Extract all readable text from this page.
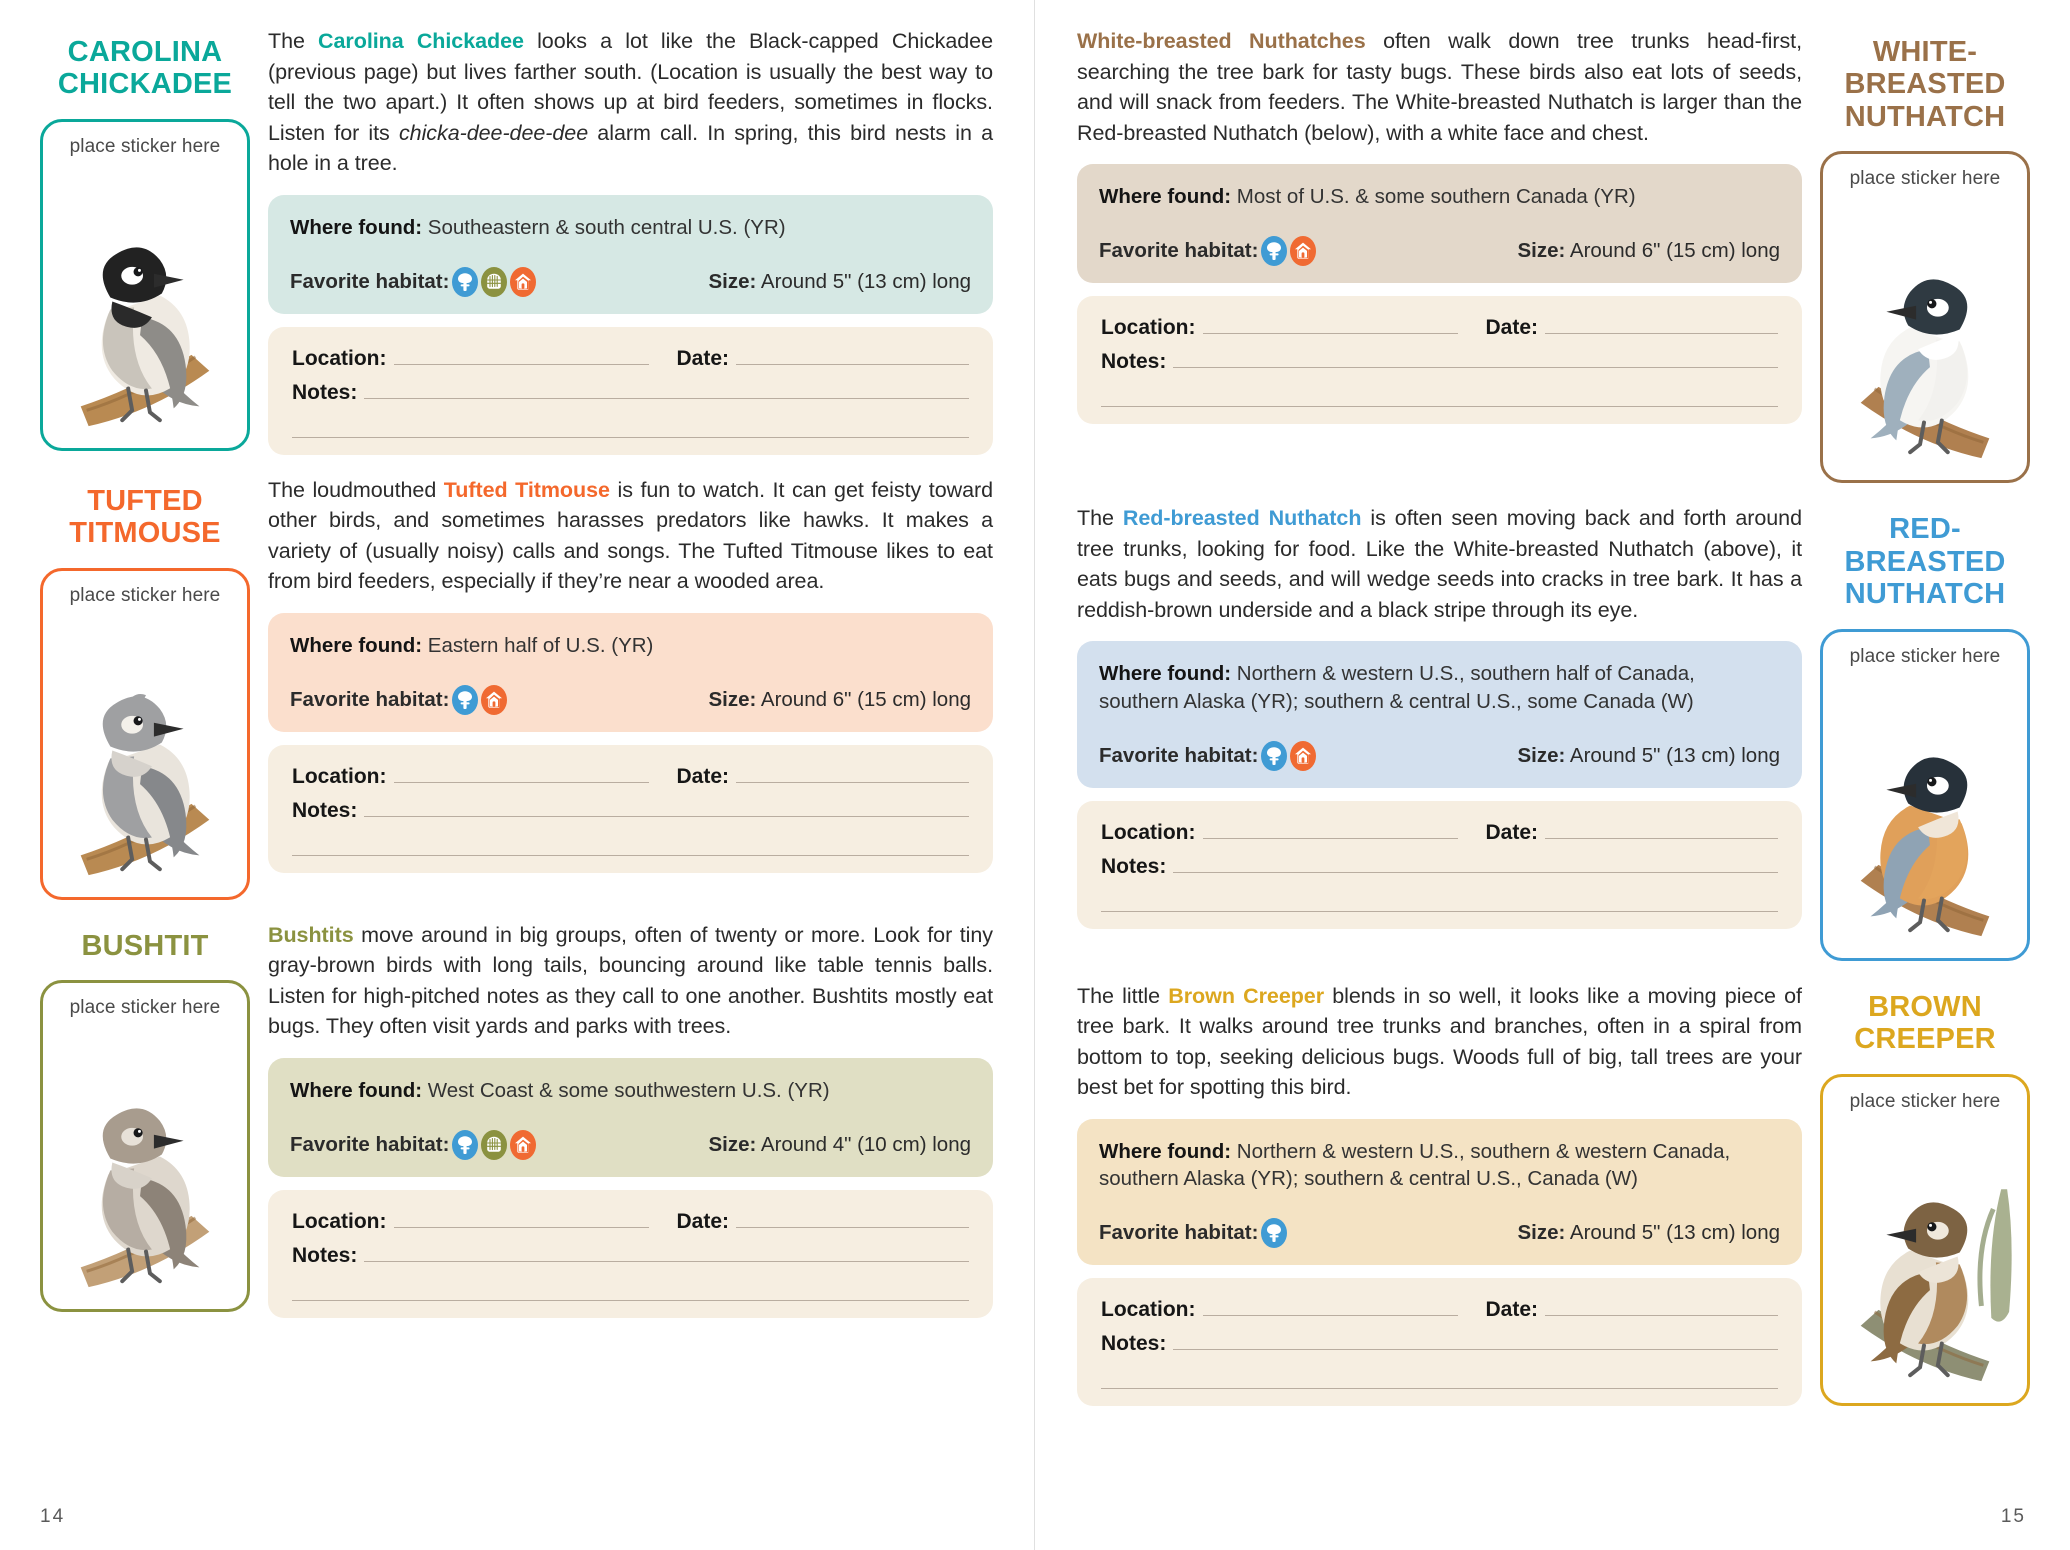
CAROLINA
CHICKADEE
place sticker here

The Carolina Chickadee looks a lot like the Black-capped Chickadee (previous page) but lives farther south. (Location is usually the best way to tell the two apart.) It often shows up at bird feeders, sometimes in flocks. Listen for its chicka-dee-dee-dee alarm call. In spring, this bird nests in a hole in a tree.

Where found: Southeastern & south central U.S. (YR)
Favorite habitat:	Size: Around 5" (13 cm) long
Location:	Date:
Notes:
TUFTED
TITMOUSE
place sticker here

The loudmouthed Tufted Titmouse is fun to watch. It can get feisty toward other birds, and sometimes harasses predators like hawks. It makes a variety of (usually noisy) calls and songs. The Tufted Titmouse likes to eat from bird feeders, especially if they’re near a wooded area.

Where found: Eastern half of U.S. (YR)
Favorite habitat:	Size: Around 6" (15 cm) long
Location:	Date:
Notes:
BUSHTIT
place sticker here

Bushtits move around in big groups, often of twenty or more. Look for tiny gray-brown birds with long tails, bouncing around like table tennis balls. Listen for high-pitched notes as they call to one another. Bushtits mostly eat bugs. They often visit yards and parks with trees.

Where found: West Coast & some southwestern U.S. (YR)
Favorite habitat:	Size: Around 4" (10 cm) long
Location:	Date:
Notes:
14
WHITE-BREASTED
NUTHATCH
place sticker here

White-breasted Nuthatches often walk down tree trunks head-first, searching the tree bark for tasty bugs. These birds also eat lots of seeds, and will snack from feeders. The White-breasted Nuthatch is larger than the Red-breasted Nuthatch (below), with a white face and chest.

Where found: Most of U.S. & some southern Canada (YR)
Favorite habitat:	Size: Around 6" (15 cm) long
Location:	Date:
Notes:
RED-BREASTED
NUTHATCH
place sticker here

The Red-breasted Nuthatch is often seen moving back and forth around tree trunks, looking for food. Like the White-breasted Nuthatch (above), it eats bugs and seeds, and will wedge seeds into cracks in tree bark. It has a reddish-brown underside and a black stripe through its eye.

Where found: Northern & western U.S., southern half of Canada, southern Alaska (YR); southern & central U.S., some Canada (W)
Favorite habitat:	Size: Around 5" (13 cm) long
Location:	Date:
Notes:
BROWN
CREEPER
place sticker here

The little Brown Creeper blends in so well, it looks like a moving piece of tree bark. It walks around tree trunks and branches, often in a spiral from bottom to top, seeking delicious bugs. Woods full of big, tall trees are your best bet for spotting this bird.

Where found: Northern & western U.S., southern & western Canada, southern Alaska (YR); southern & central U.S., Canada (W)
Favorite habitat:	Size: Around 5" (13 cm) long
Location:	Date:
Notes:
15
